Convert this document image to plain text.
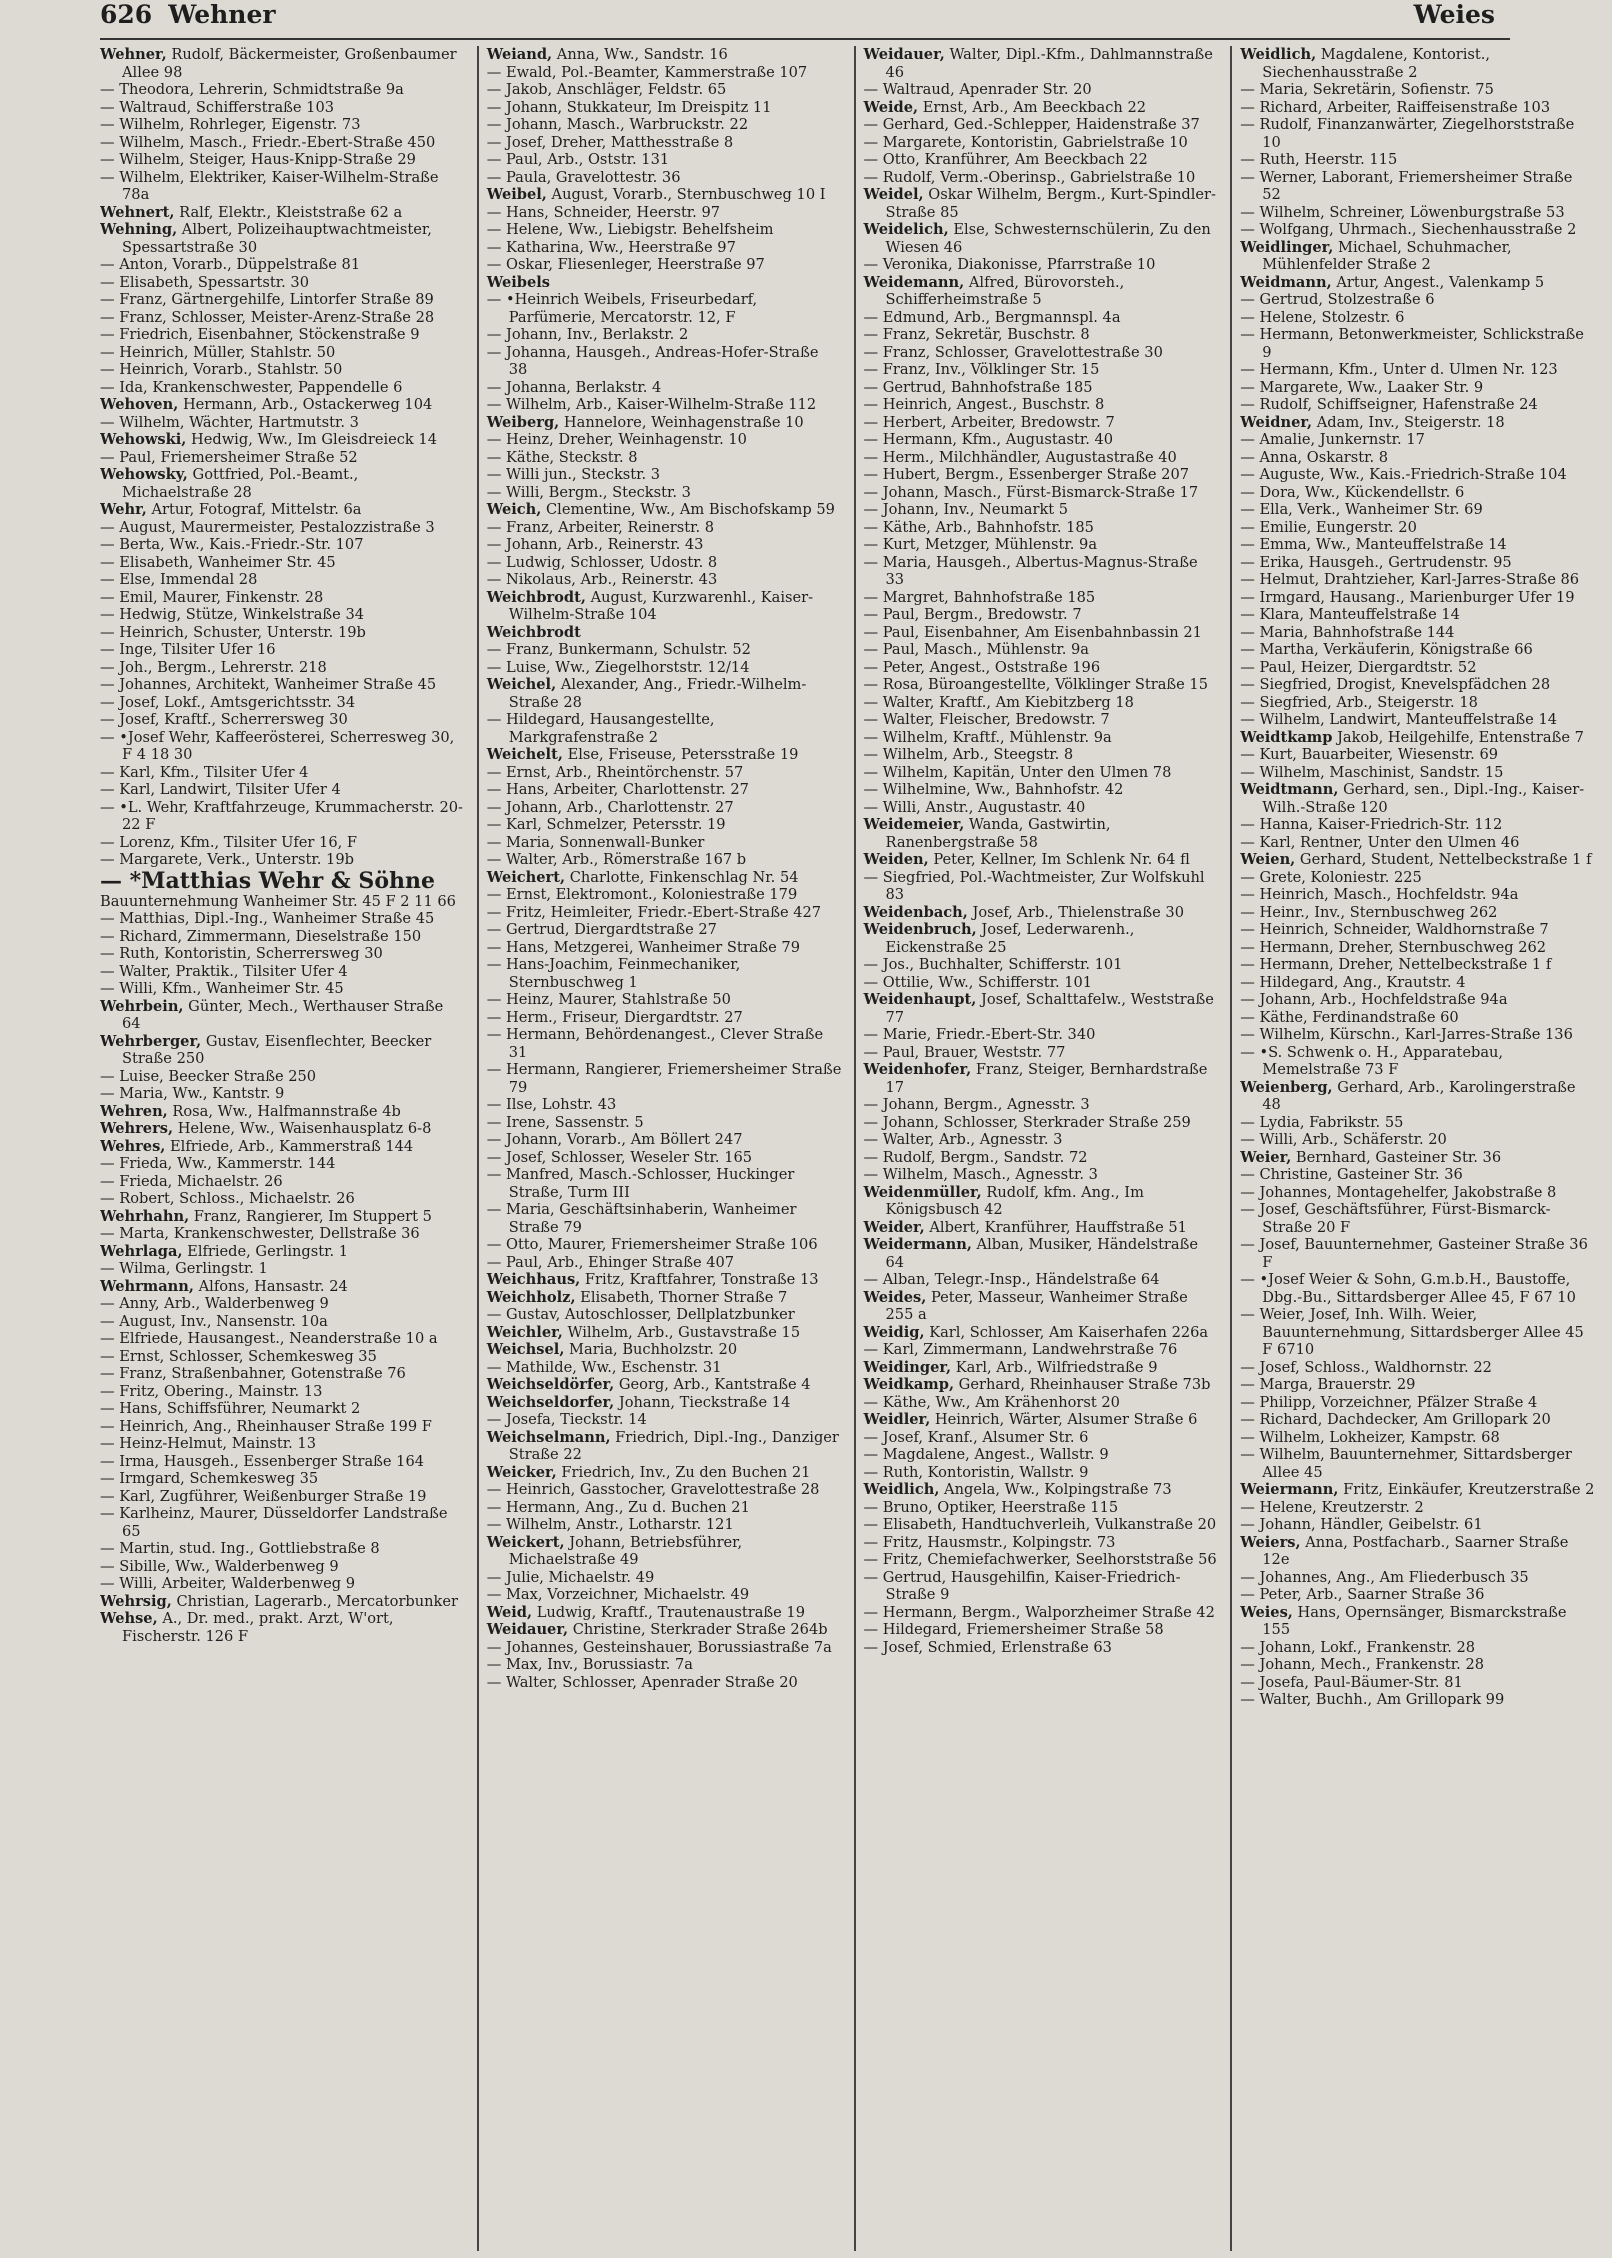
626 Wehner	Weies

Wehner, Rudolf, Bäckermeister, Großenbaumer Allee 98

— Theodora, Lehrerin, Schmidtstraße 9a

— Waltraud, Schifferstraße 103

— Wilhelm, Rohrleger, Eigenstr. 73

— Wilhelm, Masch., Friedr.-Ebert-Straße 450

— Wilhelm, Steiger, Haus-Knipp-Straße 29

— Wilhelm, Elektriker, Kaiser-Wilhelm-Straße 78a

Wehnert, Ralf, Elektr., Kleiststraße 62 a

Wehning, Albert, Polizeihauptwachtmeister, Spessartstraße 30

— Anton, Vorarb., Düppelstraße 81

— Elisabeth, Spessartstr. 30

— Franz, Gärtnergehilfe, Lintorfer Straße 89

— Franz, Schlosser, Meister-Arenz-Straße 28

— Friedrich, Eisenbahner, Stöckenstraße 9

— Heinrich, Müller, Stahlstr. 50

— Heinrich, Vorarb., Stahlstr. 50

— Ida, Krankenschwester, Pappendelle 6

Wehoven, Hermann, Arb., Ostackerweg 104

— Wilhelm, Wächter, Hartmutstr. 3

Wehowski, Hedwig, Ww., Im Gleisdreieck 14

— Paul, Friemersheimer Straße 52

Wehowsky, Gottfried, Pol.-Beamt., Michaelstraße 28

Wehr, Artur, Fotograf, Mittelstr. 6a

— August, Maurermeister, Pestalozzistraße 3

— Berta, Ww., Kais.-Friedr.-Str. 107

— Elisabeth, Wanheimer Str. 45

— Else, Immendal 28

— Emil, Maurer, Finkenstr. 28

— Hedwig, Stütze, Winkelstraße 34

— Heinrich, Schuster, Unterstr. 19b

— Inge, Tilsiter Ufer 16

— Joh., Bergm., Lehrerstr. 218

— Johannes, Architekt, Wanheimer Straße 45

— Josef, Lokf., Amtsgerichtsstr. 34

— Josef, Kraftf., Scherrersweg 30

— •Josef Wehr, Kaffeerösterei, Scherresweg 30, F 4 18 30

— Karl, Kfm., Tilsiter Ufer 4

— Karl, Landwirt, Tilsiter Ufer 4

— •L. Wehr, Kraftfahrzeuge, Krummacherstr. 20-22 F

— Lorenz, Kfm., Tilsiter Ufer 16, F

— Margarete, Verk., Unterstr. 19b

— *Matthias Wehr & Söhne

Bauunternehmung Wanheimer Str. 45 F 2 11 66

— Matthias, Dipl.-Ing., Wanheimer Straße 45

— Richard, Zimmermann, Dieselstraße 150

— Ruth, Kontoristin, Scherrersweg 30

— Walter, Praktik., Tilsiter Ufer 4

— Willi, Kfm., Wanheimer Str. 45

Wehrbein, Günter, Mech., Werthauser Straße 64

Wehrberger, Gustav, Eisenflechter, Beecker Straße 250

— Luise, Beecker Straße 250

— Maria, Ww., Kantstr. 9

Wehren, Rosa, Ww., Halfmannstraße 4b

Wehrers, Helene, Ww., Waisenhausplatz 6-8

Wehres, Elfriede, Arb., Kammerstraß 144

— Frieda, Ww., Kammerstr. 144

— Frieda, Michaelstr. 26

— Robert, Schloss., Michaelstr. 26

Wehrhahn, Franz, Rangierer, Im Stuppert 5

— Marta, Krankenschwester, Dellstraße 36

Wehrlaga, Elfriede, Gerlingstr. 1

— Wilma, Gerlingstr. 1

Wehrmann, Alfons, Hansastr. 24

— Anny, Arb., Walderbenweg 9

— August, Inv., Nansenstr. 10a

— Elfriede, Hausangest., Neanderstraße 10 a

— Ernst, Schlosser, Schemkesweg 35

— Franz, Straßenbahner, Gotenstraße 76

— Fritz, Obering., Mainstr. 13

— Hans, Schiffsführer, Neumarkt 2

— Heinrich, Ang., Rheinhauser Straße 199 F

— Heinz-Helmut, Mainstr. 13

— Irma, Hausgeh., Essenberger Straße 164

— Irmgard, Schemkesweg 35

— Karl, Zugführer, Weißenburger Straße 19

— Karlheinz, Maurer, Düsseldorfer Landstraße 65

— Martin, stud. Ing., Gottliebstraße 8

— Sibille, Ww., Walderbenweg 9

— Willi, Arbeiter, Walderbenweg 9

Wehrsig, Christian, Lagerarb., Mercatorbunker

Wehse, A., Dr. med., prakt. Arzt, W'ort, Fischerstr. 126 F

Weiand, Anna, Ww., Sandstr. 16

— Ewald, Pol.-Beamter, Kammerstraße 107

— Jakob, Anschläger, Feldstr. 65

— Johann, Stukkateur, Im Dreispitz 11

— Johann, Masch., Warbruckstr. 22

— Josef, Dreher, Matthesstraße 8

— Paul, Arb., Oststr. 131

— Paula, Gravelottestr. 36

Weibel, August, Vorarb., Sternbuschweg 10 I

— Hans, Schneider, Heerstr. 97

— Helene, Ww., Liebigstr. Behelfsheim

— Katharina, Ww., Heerstraße 97

— Oskar, Fliesenleger, Heerstraße 97

Weibels

— •Heinrich Weibels, Friseurbedarf, Parfümerie, Mercatorstr. 12, F

— Johann, Inv., Berlakstr. 2

— Johanna, Hausgeh., Andreas-Hofer-Straße 38

— Johanna, Berlakstr. 4

— Wilhelm, Arb., Kaiser-Wilhelm-Straße 112

Weiberg, Hannelore, Weinhagenstraße 10

— Heinz, Dreher, Weinhagenstr. 10

— Käthe, Steckstr. 8

— Willi jun., Steckstr. 3

— Willi, Bergm., Steckstr. 3

Weich, Clementine, Ww., Am Bischofskamp 59

— Franz, Arbeiter, Reinerstr. 8

— Johann, Arb., Reinerstr. 43

— Ludwig, Schlosser, Udostr. 8

— Nikolaus, Arb., Reinerstr. 43

Weichbrodt, August, Kurzwarenhl., Kaiser-Wilhelm-Straße 104

Weichbrodt

— Franz, Bunkermann, Schulstr. 52

— Luise, Ww., Ziegelhorststr. 12/14

Weichel, Alexander, Ang., Friedr.-Wilhelm-Straße 28

— Hildegard, Hausangestellte, Markgrafenstraße 2

Weichelt, Else, Friseuse, Petersstraße 19

— Ernst, Arb., Rheintörchenstr. 57

— Hans, Arbeiter, Charlottenstr. 27

— Johann, Arb., Charlottenstr. 27

— Karl, Schmelzer, Petersstr. 19

— Maria, Sonnenwall-Bunker

— Walter, Arb., Römerstraße 167 b

Weichert, Charlotte, Finkenschlag Nr. 54

— Ernst, Elektromont., Koloniestraße 179

— Fritz, Heimleiter, Friedr.-Ebert-Straße 427

— Gertrud, Diergardtstraße 27

— Hans, Metzgerei, Wanheimer Straße 79

— Hans-Joachim, Feinmechaniker, Sternbuschweg 1

— Heinz, Maurer, Stahlstraße 50

— Herm., Friseur, Diergardtstr. 27

— Hermann, Behördenangest., Clever Straße 31

— Hermann, Rangierer, Friemersheimer Straße 79

— Ilse, Lohstr. 43

— Irene, Sassenstr. 5

— Johann, Vorarb., Am Böllert 247

— Josef, Schlosser, Weseler Str. 165

— Manfred, Masch.-Schlosser, Huckinger Straße, Turm III

— Maria, Geschäftsinhaberin, Wanheimer Straße 79

— Otto, Maurer, Friemersheimer Straße 106

— Paul, Arb., Ehinger Straße 407

Weichhaus, Fritz, Kraftfahrer, Tonstraße 13

Weichholz, Elisabeth, Thorner Straße 7

— Gustav, Autoschlosser, Dellplatzbunker

Weichler, Wilhelm, Arb., Gustavstraße 15

Weichsel, Maria, Buchholzstr. 20

— Mathilde, Ww., Eschenstr. 31

Weichseldörfer, Georg, Arb., Kantstraße 4

Weichseldorfer, Johann, Tieckstraße 14

— Josefa, Tieckstr. 14

Weichselmann, Friedrich, Dipl.-Ing., Danziger Straße 22

Weicker, Friedrich, Inv., Zu den Buchen 21

— Heinrich, Gasstocher, Gravelottestraße 28

— Hermann, Ang., Zu d. Buchen 21

— Wilhelm, Anstr., Lotharstr. 121

Weickert, Johann, Betriebsführer, Michaelstraße 49

— Julie, Michaelstr. 49

— Max, Vorzeichner, Michaelstr. 49

Weid, Ludwig, Kraftf., Trautenaustraße 19

Weidauer, Christine, Sterkrader Straße 264b

— Johannes, Gesteinshauer, Borussiastraße 7a

— Max, Inv., Borussiastr. 7a

— Walter, Schlosser, Apenrader Straße 20

Weidauer, Walter, Dipl.-Kfm., Dahlmannstraße 46

— Waltraud, Apenrader Str. 20

Weide, Ernst, Arb., Am Beeckbach 22

— Gerhard, Ged.-Schlepper, Haidenstraße 37

— Margarete, Kontoristin, Gabrielstraße 10

— Otto, Kranführer, Am Beeckbach 22

— Rudolf, Verm.-Oberinsp., Gabrielstraße 10

Weidel, Oskar Wilhelm, Bergm., Kurt-Spindler-Straße 85

Weidelich, Else, Schwesternschülerin, Zu den Wiesen 46

— Veronika, Diakonisse, Pfarrstraße 10

Weidemann, Alfred, Bürovorsteh., Schifferheimstraße 5

— Edmund, Arb., Bergmannspl. 4a

— Franz, Sekretär, Buschstr. 8

— Franz, Schlosser, Gravelottestraße 30

— Franz, Inv., Völklinger Str. 15

— Gertrud, Bahnhofstraße 185

— Heinrich, Angest., Buschstr. 8

— Herbert, Arbeiter, Bredowstr. 7

— Hermann, Kfm., Augustastr. 40

— Herm., Milchhändler, Augustastraße 40

— Hubert, Bergm., Essenberger Straße 207

— Johann, Masch., Fürst-Bismarck-Straße 17

— Johann, Inv., Neumarkt 5

— Käthe, Arb., Bahnhofstr. 185

— Kurt, Metzger, Mühlenstr. 9a

— Maria, Hausgeh., Albertus-Magnus-Straße 33

— Margret, Bahnhofstraße 185

— Paul, Bergm., Bredowstr. 7

— Paul, Eisenbahner, Am Eisenbahnbassin 21

— Paul, Masch., Mühlenstr. 9a

— Peter, Angest., Oststraße 196

— Rosa, Büroangestellte, Völklinger Straße 15

— Walter, Kraftf., Am Kiebitzberg 18

— Walter, Fleischer, Bredowstr. 7

— Wilhelm, Kraftf., Mühlenstr. 9a

— Wilhelm, Arb., Steegstr. 8

— Wilhelm, Kapitän, Unter den Ulmen 78

— Wilhelmine, Ww., Bahnhofstr. 42

— Willi, Anstr., Augustastr. 40

Weidemeier, Wanda, Gastwirtin, Ranenbergstraße 58

Weiden, Peter, Kellner, Im Schlenk Nr. 64 fl

— Siegfried, Pol.-Wachtmeister, Zur Wolfskuhl 83

Weidenbach, Josef, Arb., Thielenstraße 30

Weidenbruch, Josef, Lederwarenh., Eickenstraße 25

— Jos., Buchhalter, Schifferstr. 101

— Ottilie, Ww., Schifferstr. 101

Weidenhaupt, Josef, Schalttafelw., Weststraße 77

— Marie, Friedr.-Ebert-Str. 340

— Paul, Brauer, Weststr. 77

Weidenhofer, Franz, Steiger, Bernhardstraße 17

— Johann, Bergm., Agnesstr. 3

— Johann, Schlosser, Sterkrader Straße 259

— Walter, Arb., Agnesstr. 3

— Rudolf, Bergm., Sandstr. 72

— Wilhelm, Masch., Agnesstr. 3

Weidenmüller, Rudolf, kfm. Ang., Im Königsbusch 42

Weider, Albert, Kranführer, Hauffstraße 51

Weidermann, Alban, Musiker, Händelstraße 64

— Alban, Telegr.-Insp., Händelstraße 64

Weides, Peter, Masseur, Wanheimer Straße 255 a

Weidig, Karl, Schlosser, Am Kaiserhafen 226a

— Karl, Zimmermann, Landwehrstraße 76

Weidinger, Karl, Arb., Wilfriedstraße 9

Weidkamp, Gerhard, Rheinhauser Straße 73b

— Käthe, Ww., Am Krähenhorst 20

Weidler, Heinrich, Wärter, Alsumer Straße 6

— Josef, Kranf., Alsumer Str. 6

— Magdalene, Angest., Wallstr. 9

— Ruth, Kontoristin, Wallstr. 9

Weidlich, Angela, Ww., Kolpingstraße 73

— Bruno, Optiker, Heerstraße 115

— Elisabeth, Handtuchverleih, Vulkanstraße 20

— Fritz, Hausmstr., Kolpingstr. 73

— Fritz, Chemiefachwerker, Seelhorststraße 56

— Gertrud, Hausgehilfin, Kaiser-Friedrich-Straße 9

— Hermann, Bergm., Walporzheimer Straße 42

— Hildegard, Friemersheimer Straße 58

— Josef, Schmied, Erlenstraße 63

Weidlich, Magdalene, Kontorist., Siechenhausstraße 2

— Maria, Sekretärin, Sofienstr. 75

— Richard, Arbeiter, Raiffeisenstraße 103

— Rudolf, Finanzanwärter, Ziegelhorststraße 10

— Ruth, Heerstr. 115

— Werner, Laborant, Friemersheimer Straße 52

— Wilhelm, Schreiner, Löwenburgstraße 53

— Wolfgang, Uhrmach., Siechenhausstraße 2

Weidlinger, Michael, Schuhmacher, Mühlenfelder Straße 2

Weidmann, Artur, Angest., Valenkamp 5

— Gertrud, Stolzestraße 6

— Helene, Stolzestr. 6

— Hermann, Betonwerkmeister, Schlickstraße 9

— Hermann, Kfm., Unter d. Ulmen Nr. 123

— Margarete, Ww., Laaker Str. 9

— Rudolf, Schiffseigner, Hafenstraße 24

Weidner, Adam, Inv., Steigerstr. 18

— Amalie, Junkernstr. 17

— Anna, Oskarstr. 8

— Auguste, Ww., Kais.-Friedrich-Straße 104

— Dora, Ww., Kückendellstr. 6

— Ella, Verk., Wanheimer Str. 69

— Emilie, Eungerstr. 20

— Emma, Ww., Manteuffelstraße 14

— Erika, Hausgeh., Gertrudenstr. 95

— Helmut, Drahtzieher, Karl-Jarres-Straße 86

— Irmgard, Hausang., Marienburger Ufer 19

— Klara, Manteuffelstraße 14

— Maria, Bahnhofstraße 144

— Martha, Verkäuferin, Königstraße 66

— Paul, Heizer, Diergardtstr. 52

— Siegfried, Drogist, Knevelspfädchen 28

— Siegfried, Arb., Steigerstr. 18

— Wilhelm, Landwirt, Manteuffelstraße 14

Weidtkamp Jakob, Heilgehilfe, Entenstraße 7

— Kurt, Bauarbeiter, Wiesenstr. 69

— Wilhelm, Maschinist, Sandstr. 15

Weidtmann, Gerhard, sen., Dipl.-Ing., Kaiser-Wilh.-Straße 120

— Hanna, Kaiser-Friedrich-Str. 112

— Karl, Rentner, Unter den Ulmen 46

Weien, Gerhard, Student, Nettelbeckstraße 1 f

— Grete, Koloniestr. 225

— Heinrich, Masch., Hochfeldstr. 94a

— Heinr., Inv., Sternbuschweg 262

— Heinrich, Schneider, Waldhornstraße 7

— Hermann, Dreher, Sternbuschweg 262

— Hermann, Dreher, Nettelbeckstraße 1 f

— Hildegard, Ang., Krautstr. 4

— Johann, Arb., Hochfeldstraße 94a

— Käthe, Ferdinandstraße 60

— Wilhelm, Kürschn., Karl-Jarres-Straße 136

— •S. Schwenk o. H., Apparatebau, Memelstraße 73 F

Weienberg, Gerhard, Arb., Karolingerstraße 48

— Lydia, Fabrikstr. 55

— Willi, Arb., Schäferstr. 20

Weier, Bernhard, Gasteiner Str. 36

— Christine, Gasteiner Str. 36

— Johannes, Montagehelfer, Jakobstraße 8

— Josef, Geschäftsführer, Fürst-Bismarck-Straße 20 F

— Josef, Bauunternehmer, Gasteiner Straße 36 F

— •Josef Weier & Sohn, G.m.b.H., Baustoffe, Dbg.-Bu., Sittardsberger Allee 45, F 67 10

— Weier, Josef, Inh. Wilh. Weier, Bauunternehmung, Sittardsberger Allee 45 F 6710

— Josef, Schloss., Waldhornstr. 22

— Marga, Brauerstr. 29

— Philipp, Vorzeichner, Pfälzer Straße 4

— Richard, Dachdecker, Am Grillopark 20

— Wilhelm, Lokheizer, Kampstr. 68

— Wilhelm, Bauunternehmer, Sittardsberger Allee 45

Weiermann, Fritz, Einkäufer, Kreutzerstraße 2

— Helene, Kreutzerstr. 2

— Johann, Händler, Geibelstr. 61

Weiers, Anna, Postfacharb., Saarner Straße 12e

— Johannes, Ang., Am Fliederbusch 35

— Peter, Arb., Saarner Straße 36

Weies, Hans, Opernsänger, Bismarckstraße 155

— Johann, Lokf., Frankenstr. 28

— Johann, Mech., Frankenstr. 28

— Josefa, Paul-Bäumer-Str. 81

— Walter, Buchh., Am Grillopark 99
